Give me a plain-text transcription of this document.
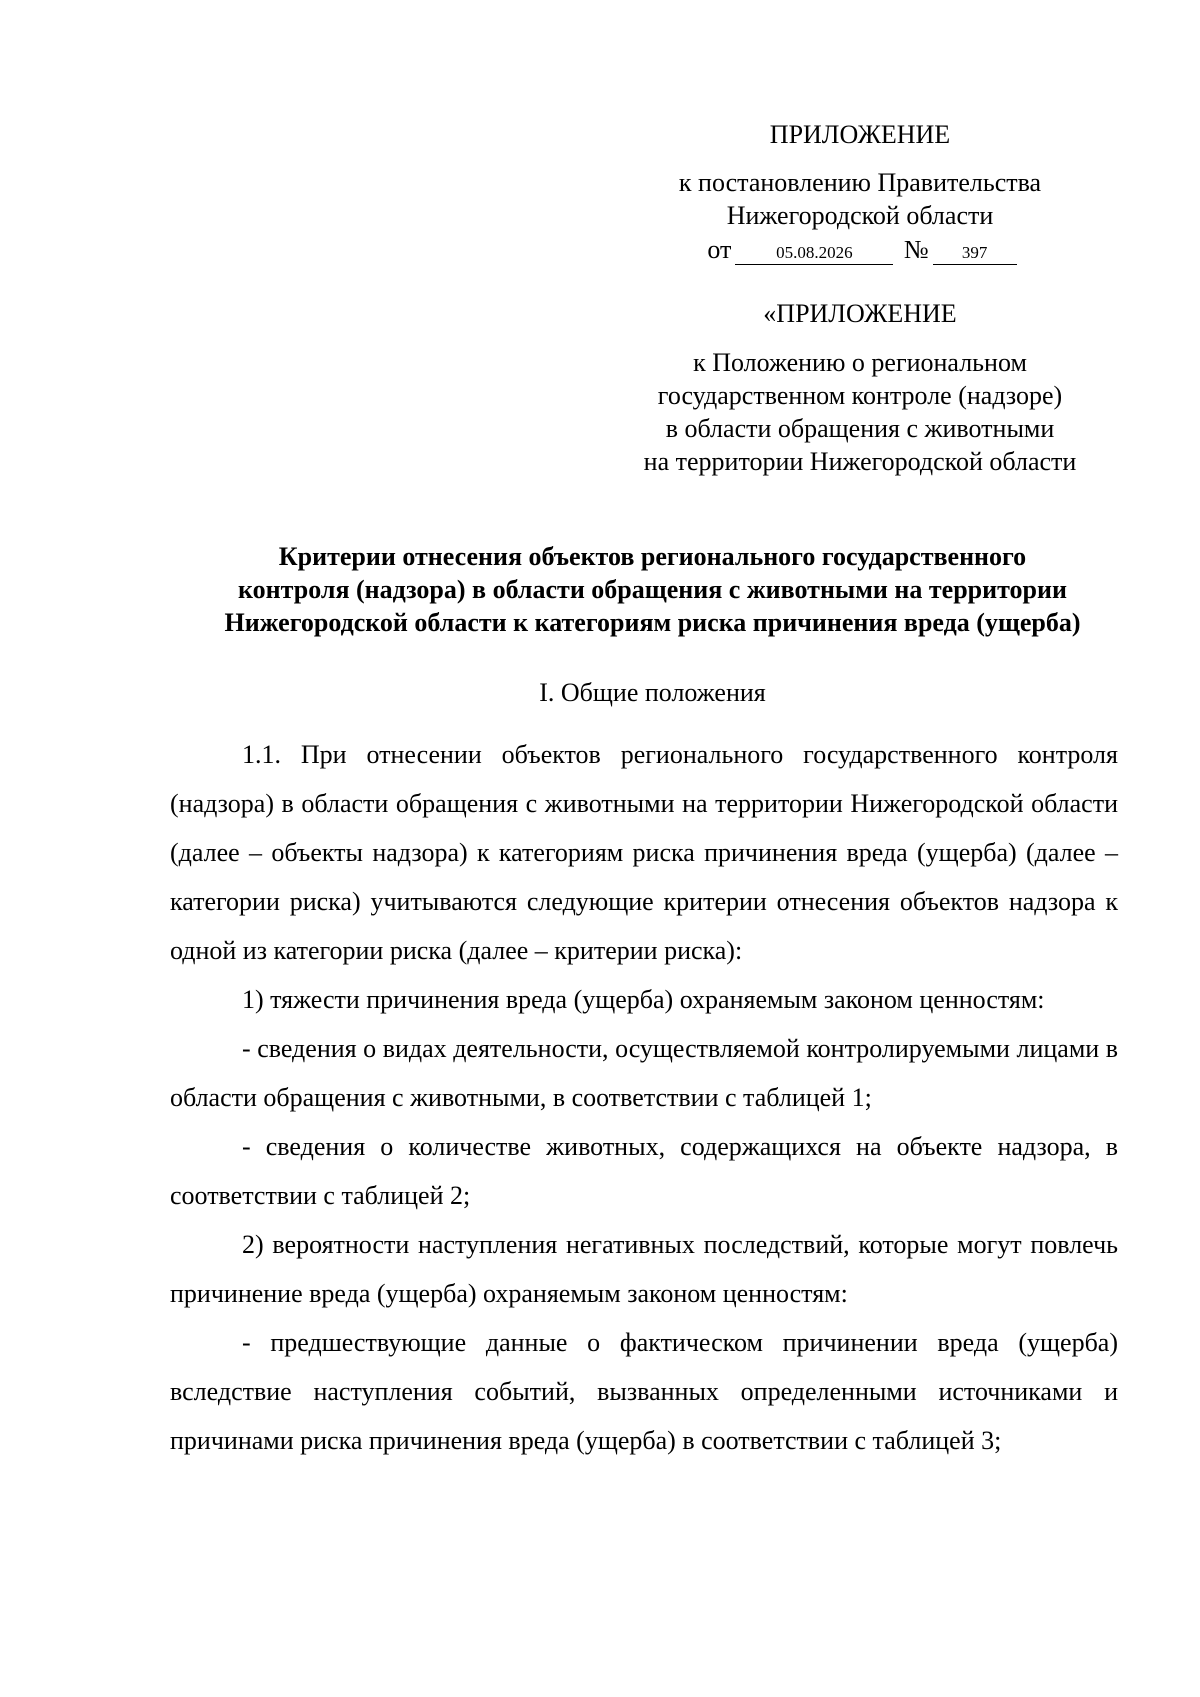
ПРИЛОЖЕНИЕ
к постановлению Правительства
Нижегородской области
от	05.08.2026 № 397
«ПРИЛОЖЕНИЕ
к Положению о региональном
государственном контроле (надзоре)
в области обращения с животными
на территории Нижегородской области
Критерии отнесения объектов регионального государственного
контроля (надзора) в области обращения с животными на территории
Нижегородской области к категориям риска причинения вреда (ущерба)
I. Общие положения

1.1. При отнесении объектов регионального государственного контроля (надзора) в области обращения с животными на территории Нижегородской области (далее – объекты надзора) к категориям риска причинения вреда (ущерба) (далее – категории риска) учитываются следующие критерии отнесения объектов надзора к одной из категории риска (далее – критерии риска):

1) тяжести причинения вреда (ущерба) охраняемым законом ценностям:

- сведения о видах деятельности, осуществляемой контролируемыми лицами в области обращения с животными, в соответствии с таблицей 1;

- сведения о количестве животных, содержащихся на объекте надзора, в соответствии с таблицей 2;

2) вероятности наступления негативных последствий, которые могут повлечь причинение вреда (ущерба) охраняемым законом ценностям:

- предшествующие данные о фактическом причинении вреда (ущерба) вследствие наступления событий, вызванных определенными источниками и причинами риска причинения вреда (ущерба) в соответствии с таблицей 3;
